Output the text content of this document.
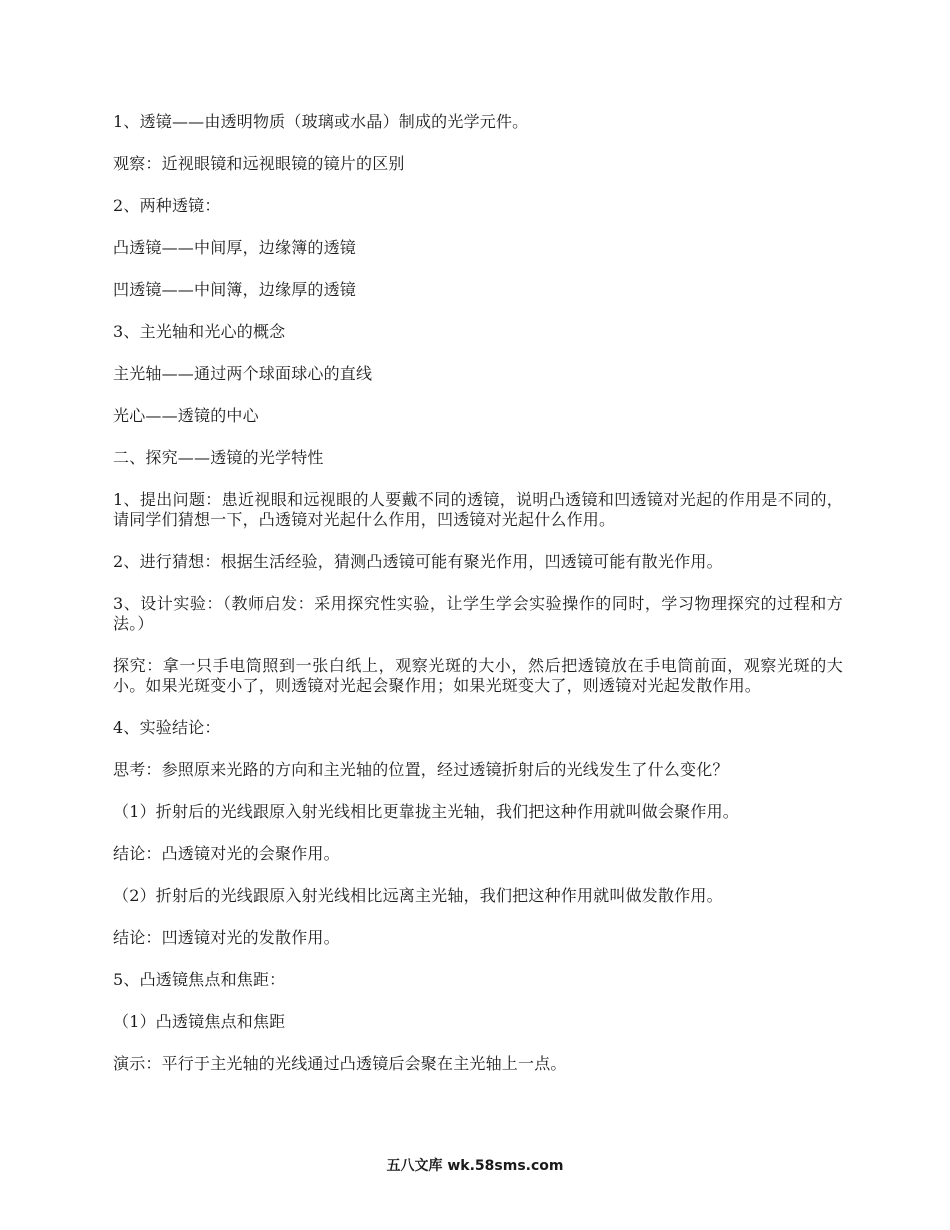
1、透镜——由透明物质（玻璃或水晶）制成的光学元件。

观察：近视眼镜和远视眼镜的镜片的区别

2、两种透镜：

凸透镜——中间厚，边缘簿的透镜

凹透镜——中间簿，边缘厚的透镜

3、主光轴和光心的概念

主光轴——通过两个球面球心的直线

光心——透镜的中心

二、探究——透镜的光学特性

1、提出问题：患近视眼和远视眼的人要戴不同的透镜，说明凸透镜和凹透镜对光起的作用是不同的，请同学们猜想一下，凸透镜对光起什么作用，凹透镜对光起什么作用。

2、进行猜想：根据生活经验，猜测凸透镜可能有聚光作用，凹透镜可能有散光作用。

3、设计实验：（教师启发：采用探究性实验，让学生学会实验操作的同时，学习物理探究的过程和方法。）

探究：拿一只手电筒照到一张白纸上，观察光斑的大小，然后把透镜放在手电筒前面，观察光斑的大小。如果光斑变小了，则透镜对光起会聚作用；如果光斑变大了，则透镜对光起发散作用。

4、实验结论：

思考：参照原来光路的方向和主光轴的位置，经过透镜折射后的光线发生了什么变化？

（1）折射后的光线跟原入射光线相比更靠拢主光轴，我们把这种作用就叫做会聚作用。

结论：凸透镜对光的会聚作用。

（2）折射后的光线跟原入射光线相比远离主光轴，我们把这种作用就叫做发散作用。

结论：凹透镜对光的发散作用。

5、凸透镜焦点和焦距：

（1）凸透镜焦点和焦距

演示：平行于主光轴的光线通过凸透镜后会聚在主光轴上一点。

五八文库 wk.58sms.com
